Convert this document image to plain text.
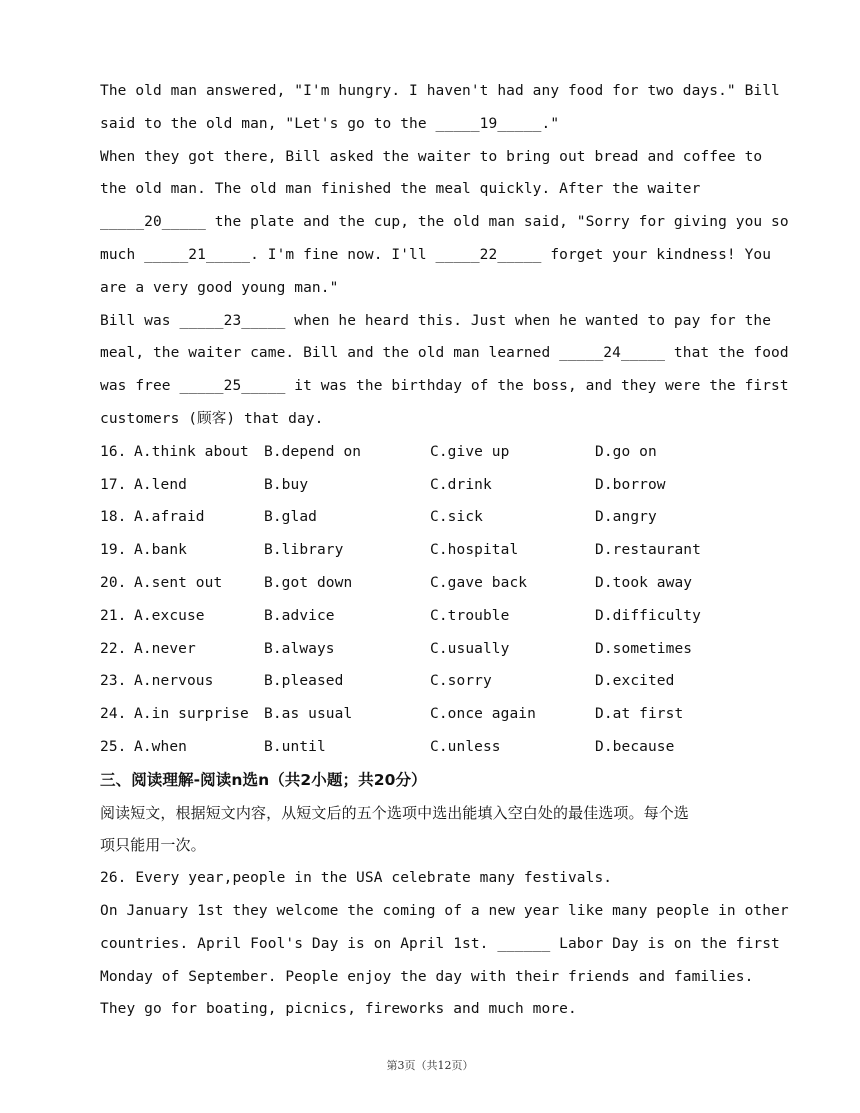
The old man answered, "I'm hungry. I haven't had any food for two days." Bill
said to the old man, "Let's go to the _____19_____."
When they got there, Bill asked the waiter to bring out bread and coffee to
the old man. The old man finished the meal quickly. After the waiter
_____20_____ the plate and the cup, the old man said, "Sorry for giving you so
much _____21_____. I'm fine now. I'll _____22_____ forget your kindness! You
are a very good young man."
Bill was _____23_____ when he heard this. Just when he wanted to pay for the
meal, the waiter came. Bill and the old man learned _____24_____ that the food
was free _____25_____ it was the birthday of the boss, and they were the first
customers (顾客) that day.
16. A.think about	B.depend on	C.give up	D.go on
17. A.lend	B.buy	C.drink	D.borrow
18. A.afraid	B.glad	C.sick	D.angry
19. A.bank	B.library	C.hospital	D.restaurant
20. A.sent out	B.got down	C.gave back	D.took away
21. A.excuse	B.advice	C.trouble	D.difficulty
22. A.never	B.always	C.usually	D.sometimes
23. A.nervous	B.pleased	C.sorry	D.excited
24. A.in surprise	B.as usual	C.once again	D.at first
25. A.when	B.until	C.unless	D.because
三、阅读理解-阅读n选n（共2小题；共20分）
阅读短文，根据短文内容，从短文后的五个选项中选出能填入空白处的最佳选项。每个选
项只能用一次。
26. Every year,people in the USA celebrate many festivals.
On January 1st they welcome the coming of a new year like many people in other
countries. April Fool's Day is on April 1st. ______ Labor Day is on the first
Monday of September. People enjoy the day with their friends and families.
They go for boating, picnics, fireworks and much more.
第3页（共12页）
